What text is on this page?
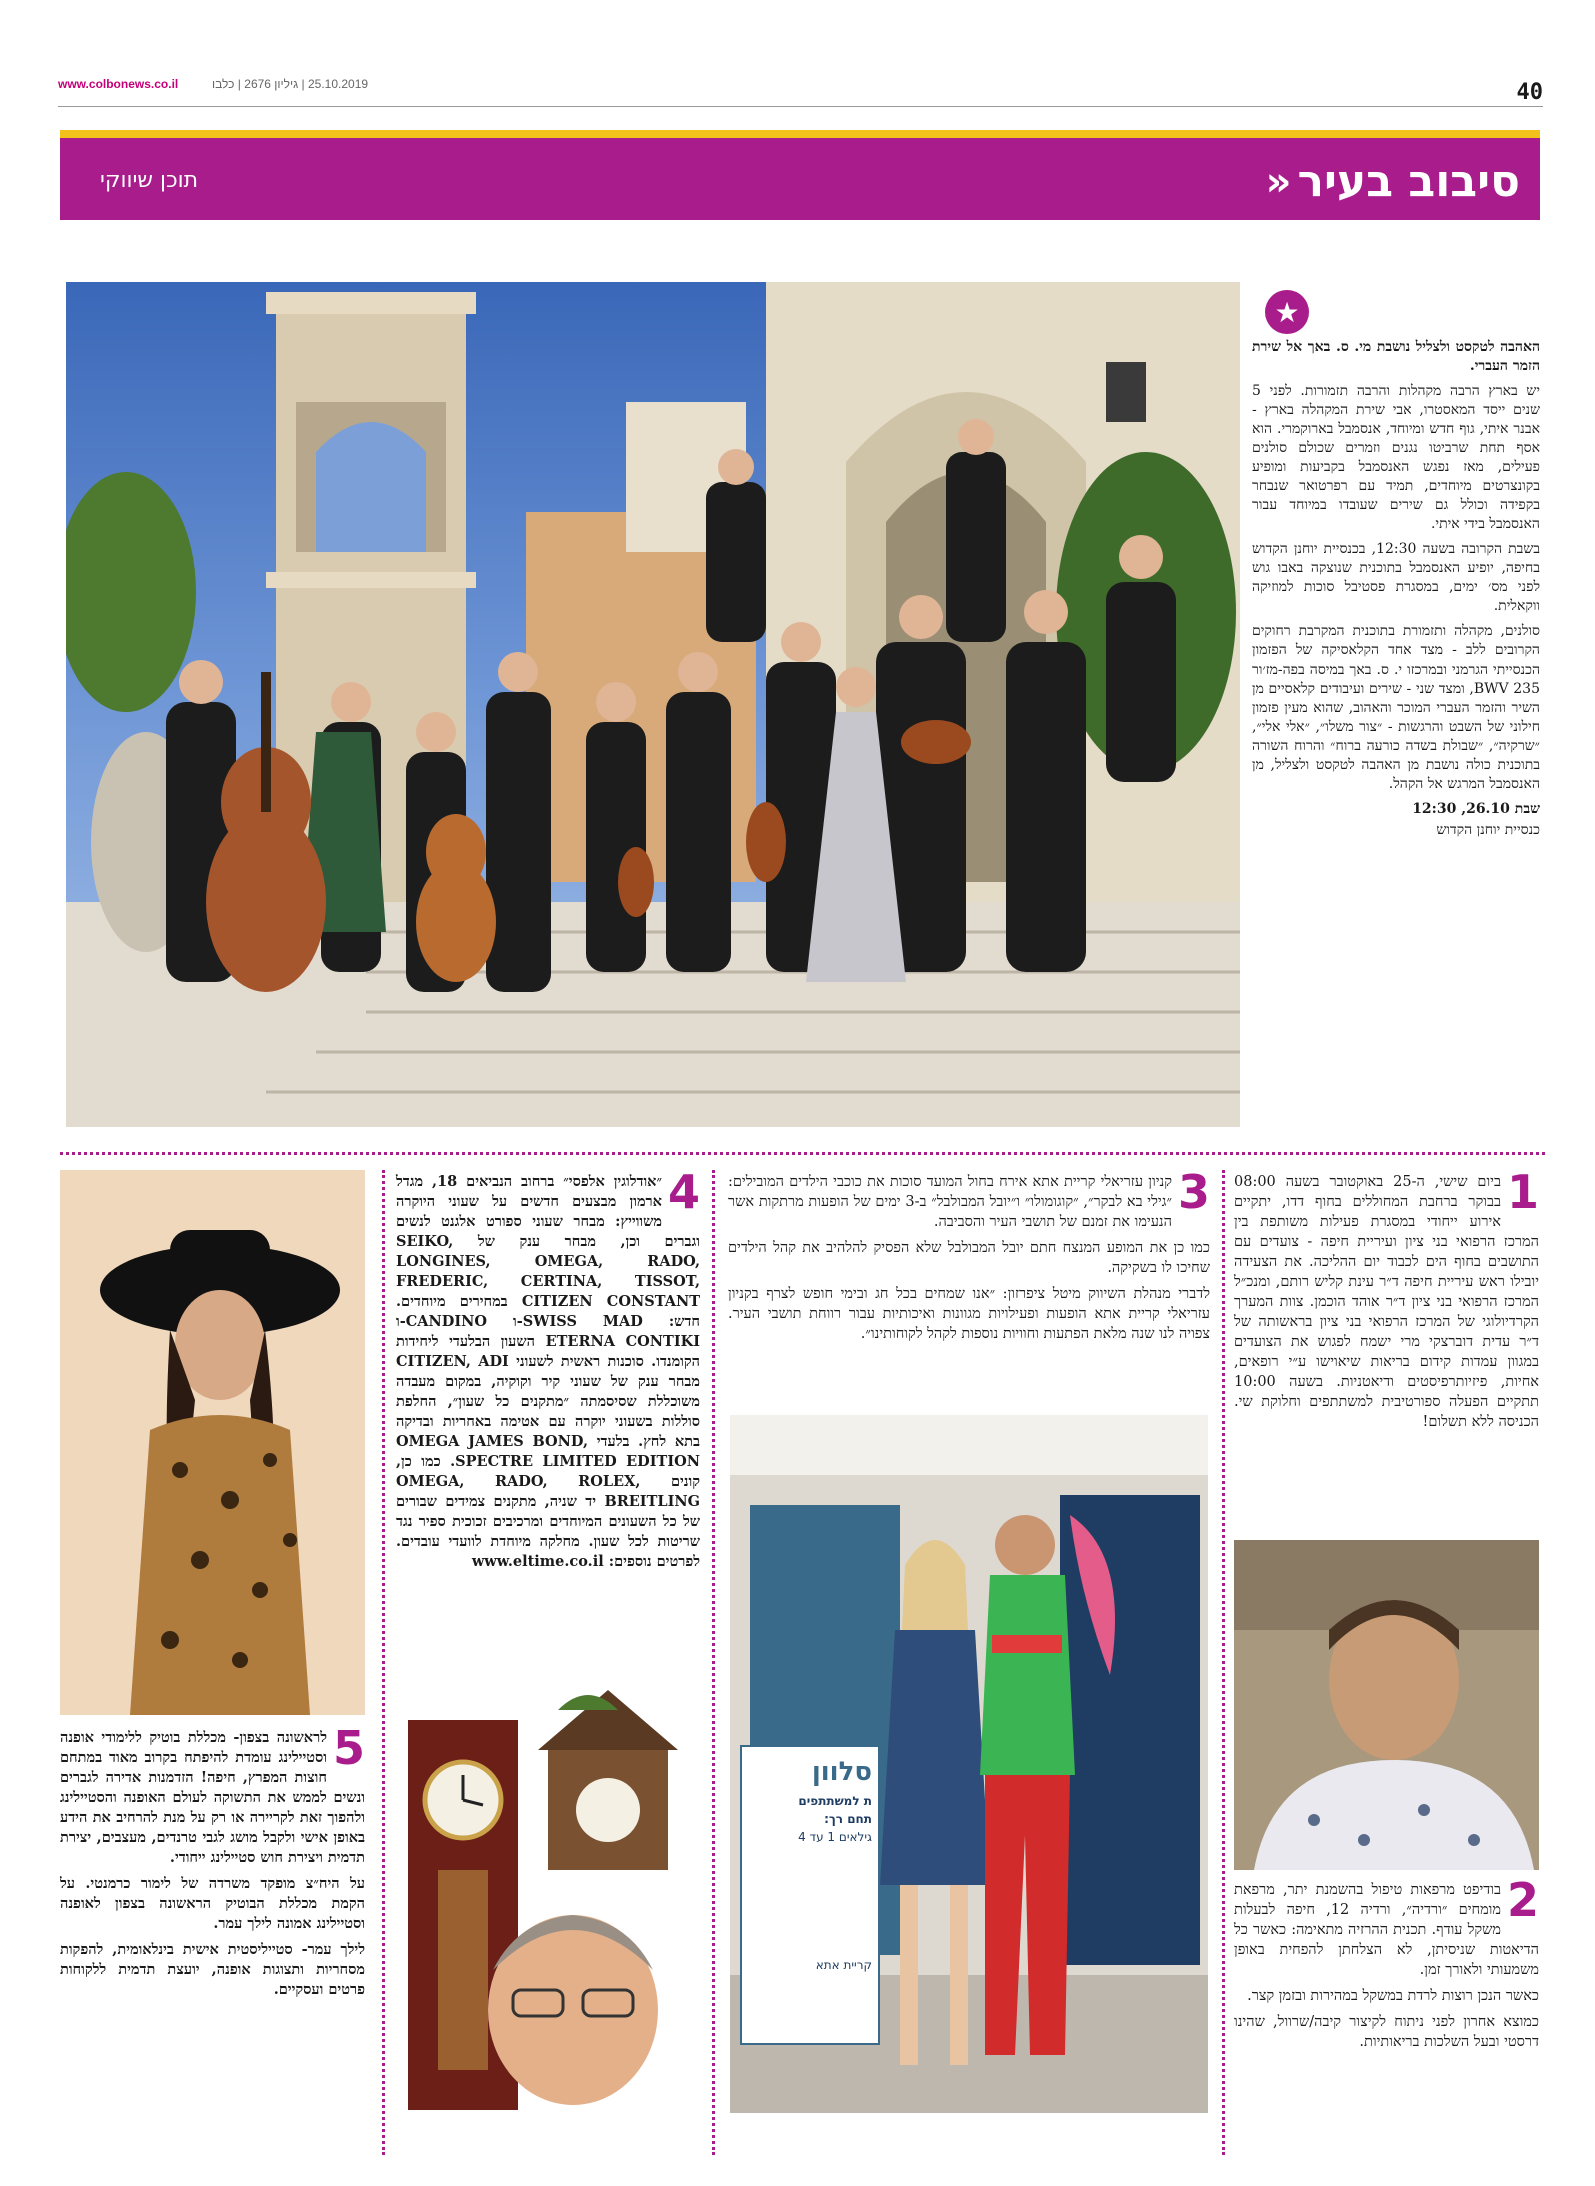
www.colbonews.co.il	25.10.2019 | גיליון 2676 | כלבו	40
סיבוב בעיר
«
תוכן שיווקי
★

האהבה לטקסט ולצליל נושבת מי. ס. באך אל שירת הזמר העברי.

יש בארץ הרבה מקהלות והרבה תזמורות. לפני 5 שנים ייסד המאסטרו, אבי שירת המקהלה בארץ - אבנר איתי, גוף חדש ומיוחד, אנסמבל בארוקמרי. הוא אסף תחת שרביטו נגנים וזמרים שכולם סולנים פעילים, מאז נפגש האנסמבל בקביעות ומופיע בקונצרטים מיוחדים, תמיד עם רפרטואר שנבחר בקפידה וכולל גם שירים שעובדו במיוחד עבור האנסמבל בידי איתי.

בשבת הקרובה בשעה 12:30, בכנסיית יוחנן הקדוש בחיפה, יופיע האנסמבל בתוכנית שנוצקה באבו גוש לפני מס׳ ימים, במסגרת פסטיבל סוכות למוזיקה ווקאלית.

סולנים, מקהלה ותזמורת בתוכנית המקרבת רחוקים הקרובים ללב - מצד אחד הקלאסיקה של הפזמון הכנסייתי הגרמני ובמרכזו י. ס. באך במיסה בפה-מז׳ור BWV 235, ומצד שני - שירים ועיבודים קלאסיים מן השיר והזמר העברי המוכר והאהוב, שהוא מעין פזמון חילוני של השבט והרגשות - ״צור משלו״, ״אלי אלי״, ״שרקיה״, ״שבולת בשדה כורעה ברוח״ והרוח השורה בתוכנית כולה נושבת מן האהבה לטקסט ולצליל, מן האנסמבל המרגש אל הקהל.

שבת 26.10, 12:30

כנסיית יוחנן הקדוש

1

ביום שישי, ה-25 באוקטובר בשעה 08:00 בבוקר ברחבת המחוללים בחוף דדו, יתקיים אירוע ייחודי במסגרת פעילות משותפת בין המרכז הרפואי בני ציון ועיריית חיפה - צועדים עם התושבים בחוף הים לכבוד יום ההליכה. את הצעידה יובילו ראש עיריית חיפה ד״ר עינת קליש רותם, ומנכ״ל המרכז הרפואי בני ציון ד״ר אוהד הוכמן. צוות המערך הקרדיולוגי של המרכז הרפואי בני ציון בראשותה של ד״ר עדית דוברצקי מרי ישמח לפגוש את הצועדים במגוון עמדות קידום בריאות שיאוישו ע״י רופאים, אחיות, פיזיותרפיסטים ודיאטניות. בשעה 10:00 תתקיים הפעלה ספורטיבית למשתתפים וחלוקת שי. הכניסה ללא תשלום!

2

בודיפט מרפאות טיפול בהשמנת יתר, מרפאת מומחים ״ורדיה״, ורדיה 12, חיפה לבעלות משקל עודף. תכנית ההרזיה מתאימה: כאשר כל הדיאטות שניסיתן, לא הצלחתן להפחית באופן משמעותי ולאורך זמן.

כאשר הנכן רוצות לרדת במשקל במהירות ובזמן קצר.

כמוצא אחרון לפני ניתוח לקיצור קיבה/שרוול, שהינו דרסטי ובעל השלכות בריאותיות.

3

קניון עזריאלי קריית אתא אירח בחול המועד סוכות את כוכבי הילדים המובילים: ״גילי בא לבקר״, ״קוגומולו״ ו״יובל המבולבל״ ב-3 ימים של הופעות מרתקות אשר הנעימו את זמנם של תושבי העיר והסביבה.

כמו כן את המופע המנצח חתם יובל המבולבל שלא הפסיק להלהיב את קהל הילדים שחיכו לו בשקיקה.

לדברי מנהלת השיווק מיטל ציפרזון: ״אנו שמחים בכל חג ובימי חופש לצרף בקניון עזריאלי קריית אתא הופעות ופעילויות מגוונות ואיכותיות עבור רווחת תושבי העיר. צפויה לנו שנה מלאת הפתעות וחוויות נוספות לקהל לקוחותינו״.

סלוון
ת למשתתפים
תחם רך:
גילאים 1 עד 4
קריית אתא
4

״אודלוגין אלפסי״ ברחוב הנביאים 18, מגדל ארמון מבצעים חדשים על שעוני היוקרה משווייץ: מבחר שעוני ספורט אלגנט לנשים וגברים וכן, מבחר ענק של SEIKO, LONGINES, OMEGA, RADO, FREDERIC, CERTINA, TISSOT, CITIZEN CONSTANT במחירים מיוחדים. חדש: SWISS MAD-ו CANDINO-ו ETERNA CONTIKI השעון הבלעדי ליחידות הקומנדו. סוכנות ראשית לשעוני CITIZEN, ADI מבחר ענק של שעוני קיר וקוקיה, במקום מעבדה משוכללת שסיסמתה ״מתקנים כל שעון״, החלפת סוללות בשעוני יוקרה עם אטימה באחריות ובדיקה בתא לחץ. בלעדי OMEGA JAMES BOND, SPECTRE LIMITED EDITION. כמו כן, קונים OMEGA, RADO, ROLEX, BREITLING יד שניה, מתקנים צמידים שבורים של כל השעונים המיוחדים ומרכיבים זכוכית ספיר נגד שריטות לכל שעון. מחלקה מיוחדת לוועדי עובדים. לפרטים נוספים: www.eltime.co.il

5

לראשונה בצפון- מכללת בוטיק ללימודי אופנה וסטיילינג עומדת להיפתח בקרוב מאוד במתחם חוצות המפרץ, חיפה! הזדמנות אדירה לגברים ונשים לממש את התשוקה לעולם האופנה והסטיילינג ולהפוך זאת לקריירה או רק על מנת להרחיב את הידע באופן אישי ולקבל מושג לגבי טרנדים, מעצבים, יצירת תדמית ויצירת חוש סטיילינג ייחודי.

על היח״צ מופקד משרדה של לימור כרמנטי. על הקמת מכללת הבוטיק הראשונה בצפון לאופנה וסטיילינג אמונה לילך עמר.

לילך עמר- סטייליסטית אישית בינלאומית, להפקות מסחריות ותצוגות אופנה, יועצת תדמית ללקוחות פרטים ועסקיים.
